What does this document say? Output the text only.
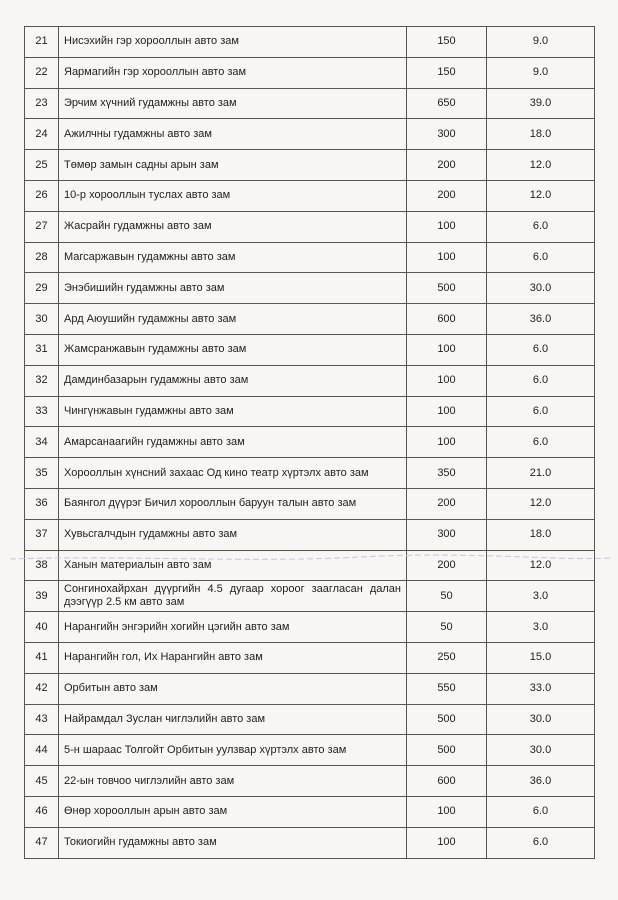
21	Нисэхийн гэр хорооллын авто зам	150	9.0
22	Яармагийн гэр хорооллын авто зам	150	9.0
23	Эрчим хүчний гудамжны авто зам	650	39.0
24	Ажилчны гудамжны авто зам	300	18.0
25	Төмөр замын садны арын зам	200	12.0
26	10-р хорооллын туслах авто зам	200	12.0
27	Жасрайн гудамжны авто зам	100	6.0
28	Магсаржавын гудамжны авто зам	100	6.0
29	Энэбишийн гудамжны авто зам	500	30.0
30	Ард Аюушийн гудамжны авто зам	600	36.0
31	Жамсранжавын гудамжны авто зам	100	6.0
32	Дамдинбазарын гудамжны авто зам	100	6.0
33	Чингүнжавын гудамжны авто зам	100	6.0
34	Амарсанаагийн гудамжны авто зам	100	6.0
35	Хорооллын хүнсний захаас Од кино театр хүртэлх авто зам	350	21.0
36	Баянгол дүүрэг Бичил хорооллын баруун талын авто зам	200	12.0
37	Хувьсгалчдын гудамжны авто зам	300	18.0
38	Ханын материалын авто зам	200	12.0
39	Сонгинохайрхан дүүргийн 4.5 дугаар хороог заагласан далан дээгүүр 2.5 км авто зам	50	3.0
40	Нарангийн энгэрийн хогийн цэгийн авто зам	50	3.0
41	Нарангийн гол, Их Нарангийн авто зам	250	15.0
42	Орбитын авто зам	550	33.0
43	Найрамдал Зуслан чиглэлийн авто зам	500	30.0
44	5-н шараас Толгойт Орбитын уулзвар хүртэлх авто зам	500	30.0
45	22-ын товчоо чиглэлийн авто зам	600	36.0
46	Өнөр хорооллын арын авто зам	100	6.0
47	Токиогийн гудамжны авто зам	100	6.0
